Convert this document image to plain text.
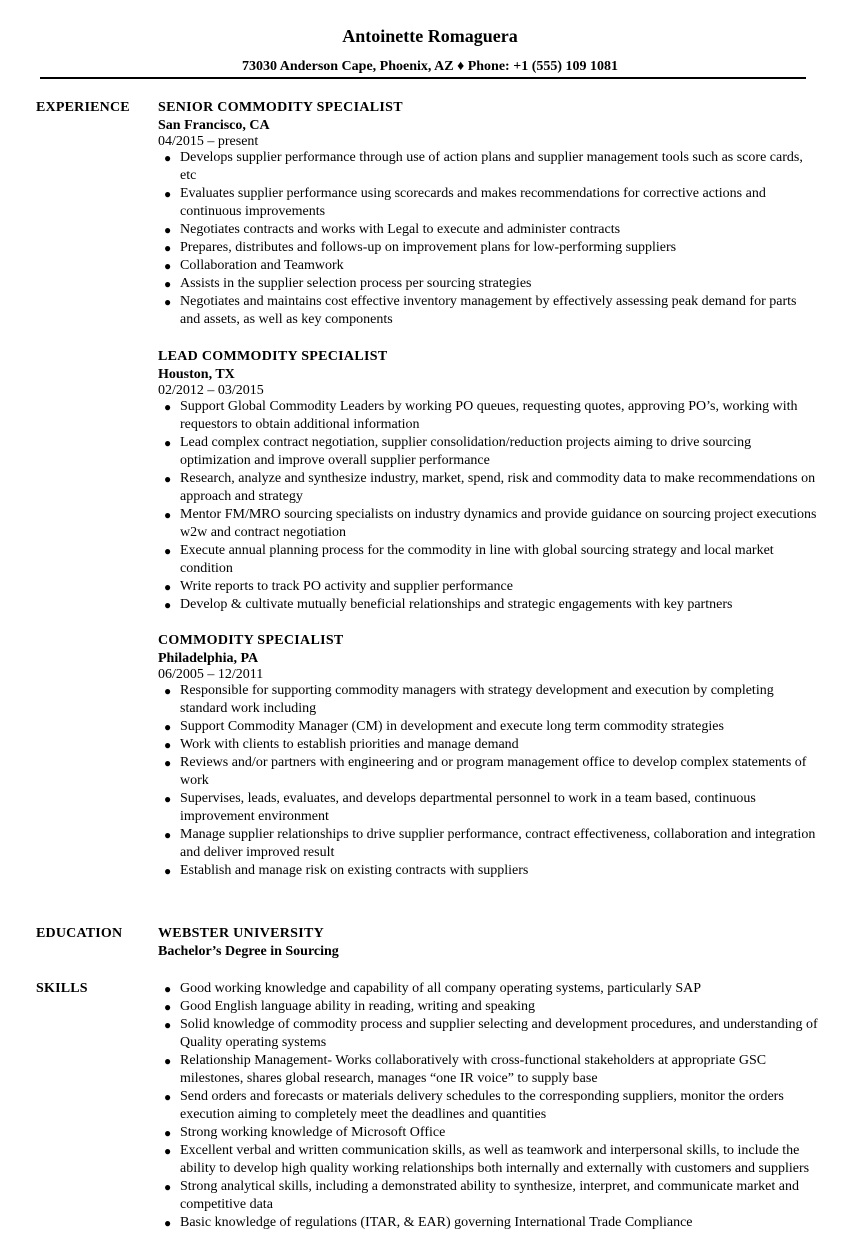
Antoinette Romaguera
73030 Anderson Cape, Phoenix, AZ ♦ Phone: +1 (555) 109 1081
EXPERIENCE SENIOR COMMODITY SPECIALIST
San Francisco, CA
04/2015 – present
● Develops supplier performance through use of action plans and supplier management tools such as score cards, etc
● Evaluates supplier performance using scorecards and makes recommendations for corrective actions and continuous improvements
● Negotiates contracts and works with Legal to execute and administer contracts
● Prepares, distributes and follows-up on improvement plans for low-performing suppliers
● Collaboration and Teamwork
● Assists in the supplier selection process per sourcing strategies
● Negotiates and maintains cost effective inventory management by effectively assessing peak demand for parts and assets, as well as key components
LEAD COMMODITY SPECIALIST
Houston, TX
02/2012 – 03/2015
● Support Global Commodity Leaders by working PO queues, requesting quotes, approving PO’s, working with requestors to obtain additional information
● Lead complex contract negotiation, supplier consolidation/reduction projects aiming to drive sourcing optimization and improve overall supplier performance
● Research, analyze and synthesize industry, market, spend, risk and commodity data to make recommendations on approach and strategy
● Mentor FM/MRO sourcing specialists on industry dynamics and provide guidance on sourcing project executions w2w and contract negotiation
● Execute annual planning process for the commodity in line with global sourcing strategy and local market condition
● Write reports to track PO activity and supplier performance
● Develop & cultivate mutually beneficial relationships and strategic engagements with key partners
COMMODITY SPECIALIST
Philadelphia, PA
06/2005 – 12/2011
● Responsible for supporting commodity managers with strategy development and execution by completing standard work including
● Support Commodity Manager (CM) in development and execute long term commodity strategies
● Work with clients to establish priorities and manage demand
● Reviews and/or partners with engineering and or program management office to develop complex statements of work
● Supervises, leads, evaluates, and develops departmental personnel to work in a team based, continuous improvement environment
● Manage supplier relationships to drive supplier performance, contract effectiveness, collaboration and integration and deliver improved result
● Establish and manage risk on existing contracts with suppliers
EDUCATION	WEBSTER UNIVERSITY
Bachelor’s Degree in Sourcing
SKILLS	● Good working knowledge and capability of all company operating systems, particularly SAP
● Good English language ability in reading, writing and speaking
● Solid knowledge of commodity process and supplier selecting and development procedures, and understanding of Quality operating systems
● Relationship Management- Works collaboratively with cross-functional stakeholders at appropriate GSC milestones, shares global research, manages “one IR voice” to supply base
● Send orders and forecasts or materials delivery schedules to the corresponding suppliers, monitor the orders execution aiming to completely meet the deadlines and quantities
● Strong working knowledge of Microsoft Office
● Excellent verbal and written communication skills, as well as teamwork and interpersonal skills, to include the ability to develop high quality working relationships both internally and externally with customers and suppliers
● Strong analytical skills, including a demonstrated ability to synthesize, interpret, and communicate market and competitive data
● Basic knowledge of regulations (ITAR, & EAR) governing International Trade Compliance
